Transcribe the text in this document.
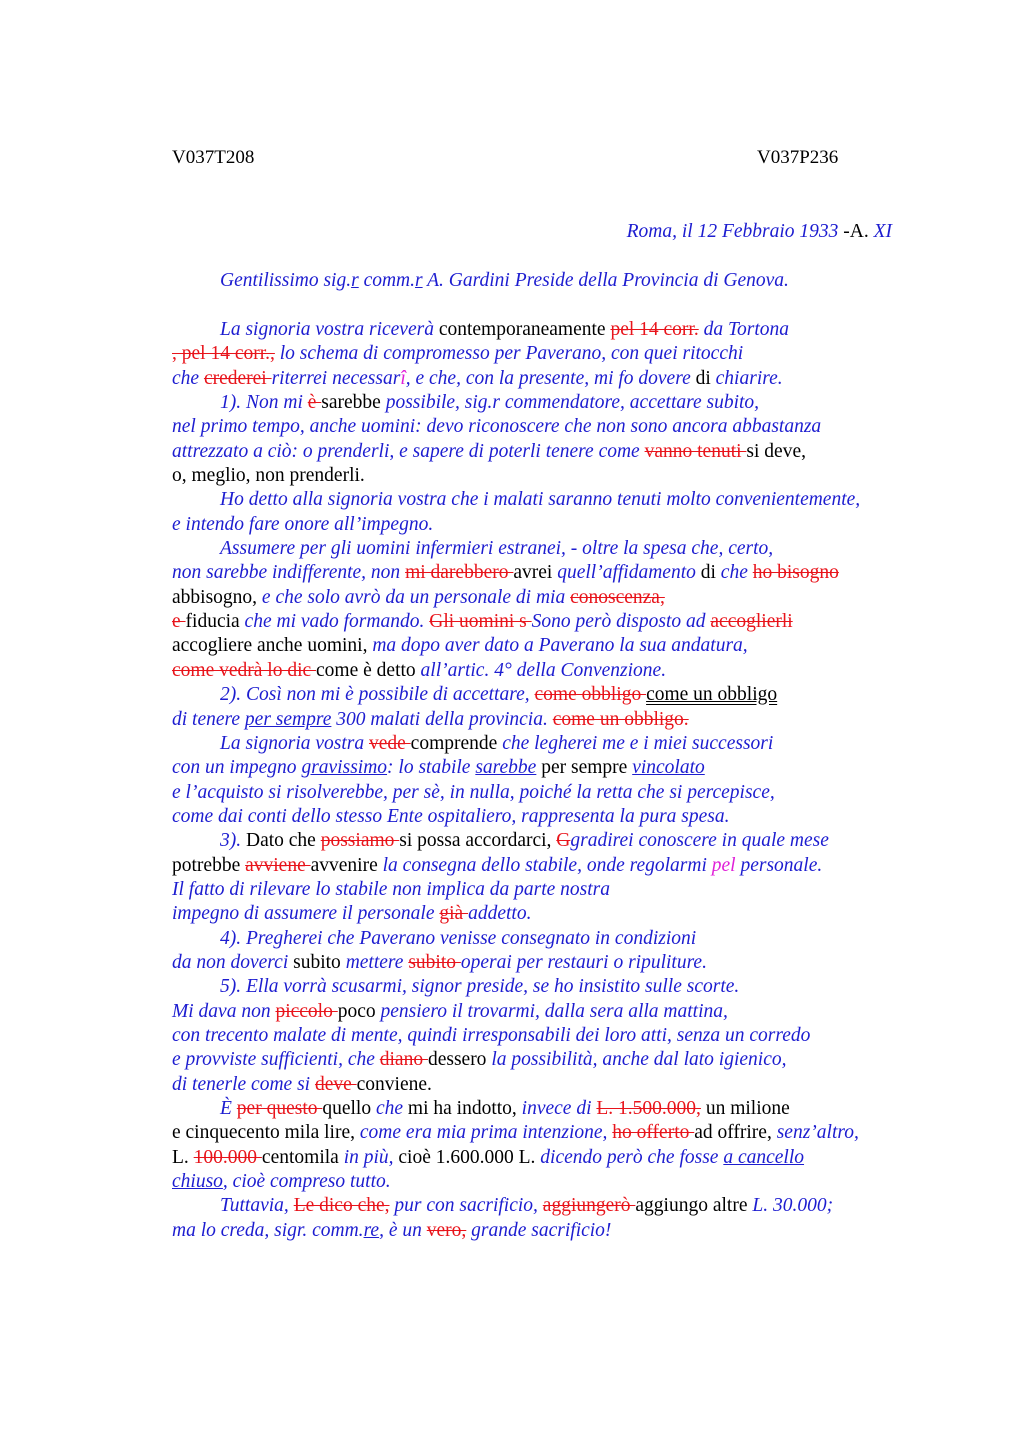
V037T208	V037P236
Roma, il 12 Febbraio 1933 -A. XI
Gentilissimo sig.r comm.r A. Gardini Preside della Provincia di Genova.
La signoria vostra riceverà contemporaneamente pel 14 corr. da Tortona
, pel 14 corr., lo schema di compromesso per Paverano, con quei ritocchi
che crederei riterrei necessarî, e che, con la presente, mi fo dovere di chiarire.
1). Non mi è sarebbe possibile, sig.r commendatore, accettare subito,
nel primo tempo, anche uomini: devo riconoscere che non sono ancora abbastanza
attrezzato a ciò: o prenderli, e sapere di poterli tenere come vanno tenuti si deve,
o, meglio, non prenderli.
Ho detto alla signoria vostra che i malati saranno tenuti molto convenientemente,
e intendo fare onore all’impegno.
Assumere per gli uomini infermieri estranei, - oltre la spesa che, certo,
non sarebbe indifferente, non mi darebbero avrei quell’affidamento di che ho bisogno
abbisogno, e che solo avrò da un personale di mia conoscenza,
e fiducia che mi vado formando. Gli uomini s Sono però disposto ad accoglierli
accogliere anche uomini, ma dopo aver dato a Paverano la sua andatura,
come vedrà lo dic come è detto all’artic. 4° della Convenzione.
2). Così non mi è possibile di accettare, come obbligo come un obbligo
di tenere per sempre 300 malati della provincia. come un obbligo.
La signoria vostra vede comprende che legherei me e i miei successori
con un impegno gravissimo: lo stabile sarebbe per sempre vincolato
e l’acquisto si risolverebbe, per sè, in nulla, poiché la retta che si percepisce,
come dai conti dello stesso Ente ospitaliero, rappresenta la pura spesa.
3). Dato che possiamo si possa accordarci, Ggradirei conoscere in quale mese
potrebbe avviene avvenire la consegna dello stabile, onde regolarmi pel personale.
Il fatto di rilevare lo stabile non implica da parte nostra
impegno di assumere il personale già addetto.
4). Pregherei che Paverano venisse consegnato in condizioni
da non doverci subito mettere subito operai per restauri o ripuliture.
5). Ella vorrà scusarmi, signor preside, se ho insistito sulle scorte.
Mi dava non piccolo poco pensiero il trovarmi, dalla sera alla mattina,
con trecento malate di mente, quindi irresponsabili dei loro atti, senza un corredo
e provviste sufficienti, che diano dessero la possibilità, anche dal lato igienico,
di tenerle come si deve conviene.
È per questo quello che mi ha indotto, invece di L. 1.500.000, un milione
e cinquecento mila lire, come era mia prima intenzione, ho offerto ad offrire, senz’altro,
L. 100.000 centomila in più, cioè 1.600.000 L. dicendo però che fosse a cancello
chiuso, cioè compreso tutto.
Tuttavia, Le dico che, pur con sacrificio, aggiungerò aggiungo altre L. 30.000;
ma lo creda, sigr. comm.re, è un vero, grande sacrificio!
